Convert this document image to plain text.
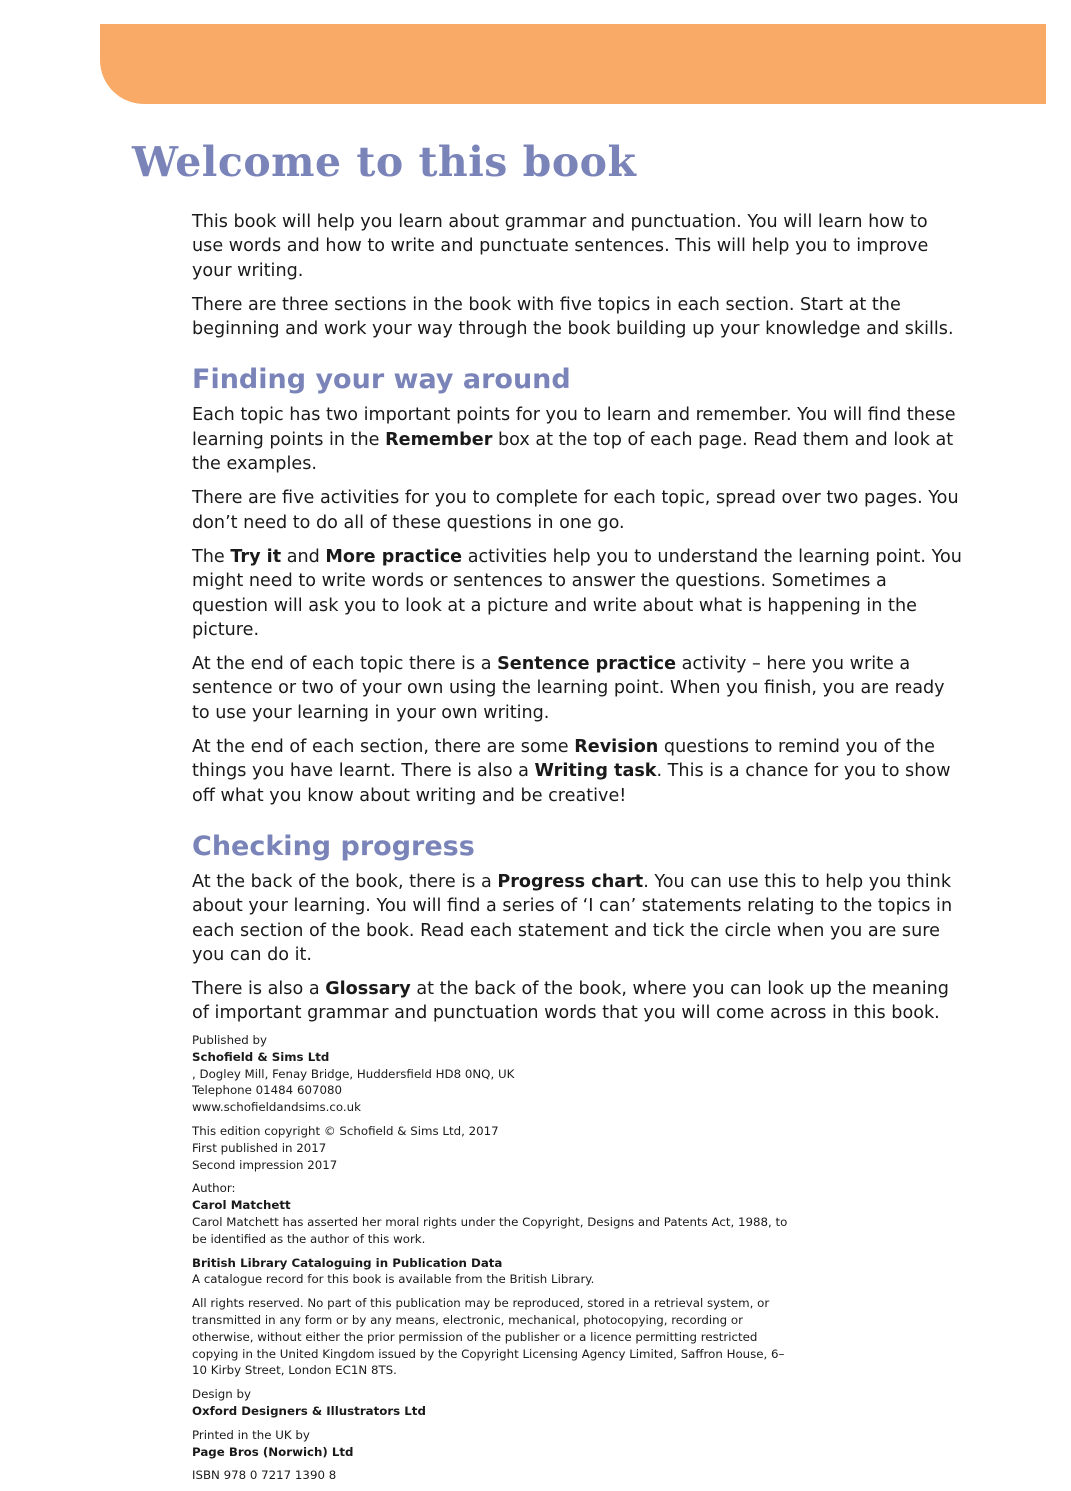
Welcome to this book

This book will help you learn about grammar and punctuation. You will learn how to use words and how to write and punctuate sentences. This will help you to improve your writing.

There are three sections in the book with five topics in each section. Start at the beginning and work your way through the book building up your knowledge and skills.

Finding your way around

Each topic has two important points for you to learn and remember. You will find these learning points in the Remember box at the top of each page. Read them and look at the examples.

There are five activities for you to complete for each topic, spread over two pages. You don’t need to do all of these questions in one go.

The Try it and More practice activities help you to understand the learning point. You might need to write words or sentences to answer the questions. Sometimes a question will ask you to look at a picture and write about what is happening in the picture.

At the end of each topic there is a Sentence practice activity – here you write a sentence or two of your own using the learning point. When you finish, you are ready to use your learning in your own writing.

At the end of each section, there are some Revision questions to remind you of the things you have learnt. There is also a Writing task. This is a chance for you to show off what you know about writing and be creative!

Checking progress

At the back of the book, there is a Progress chart. You can use this to help you think about your learning. You will find a series of ‘I can’ statements relating to the topics in each section of the book. Read each statement and tick the circle when you are sure you can do it.

There is also a Glossary at the back of the book, where you can look up the meaning of important grammar and punctuation words that you will come across in this book.

Published by
Schofield & Sims Ltd
, Dogley Mill, Fenay Bridge, Huddersfield HD8 0NQ, UK
Telephone 01484 607080
www.schofieldandsims.co.uk

This edition copyright © Schofield & Sims Ltd, 2017
First published in 2017
Second impression 2017

Author:
Carol Matchett
Carol Matchett has asserted her moral rights under the Copyright, Designs and Patents Act, 1988, to be identified as the author of this work.

British Library Cataloguing in Publication Data
A catalogue record for this book is available from the British Library.

All rights reserved. No part of this publication may be reproduced, stored in a retrieval system, or transmitted in any form or by any means, electronic, mechanical, photocopying, recording or otherwise, without either the prior permission of the publisher or a licence permitting restricted copying in the United Kingdom issued by the Copyright Licensing Agency Limited, Saffron House, 6–10 Kirby Street, London EC1N 8TS.

Design by
Oxford Designers & Illustrators Ltd

Printed in the UK by
Page Bros (Norwich) Ltd

ISBN 978 0 7217 1390 8
